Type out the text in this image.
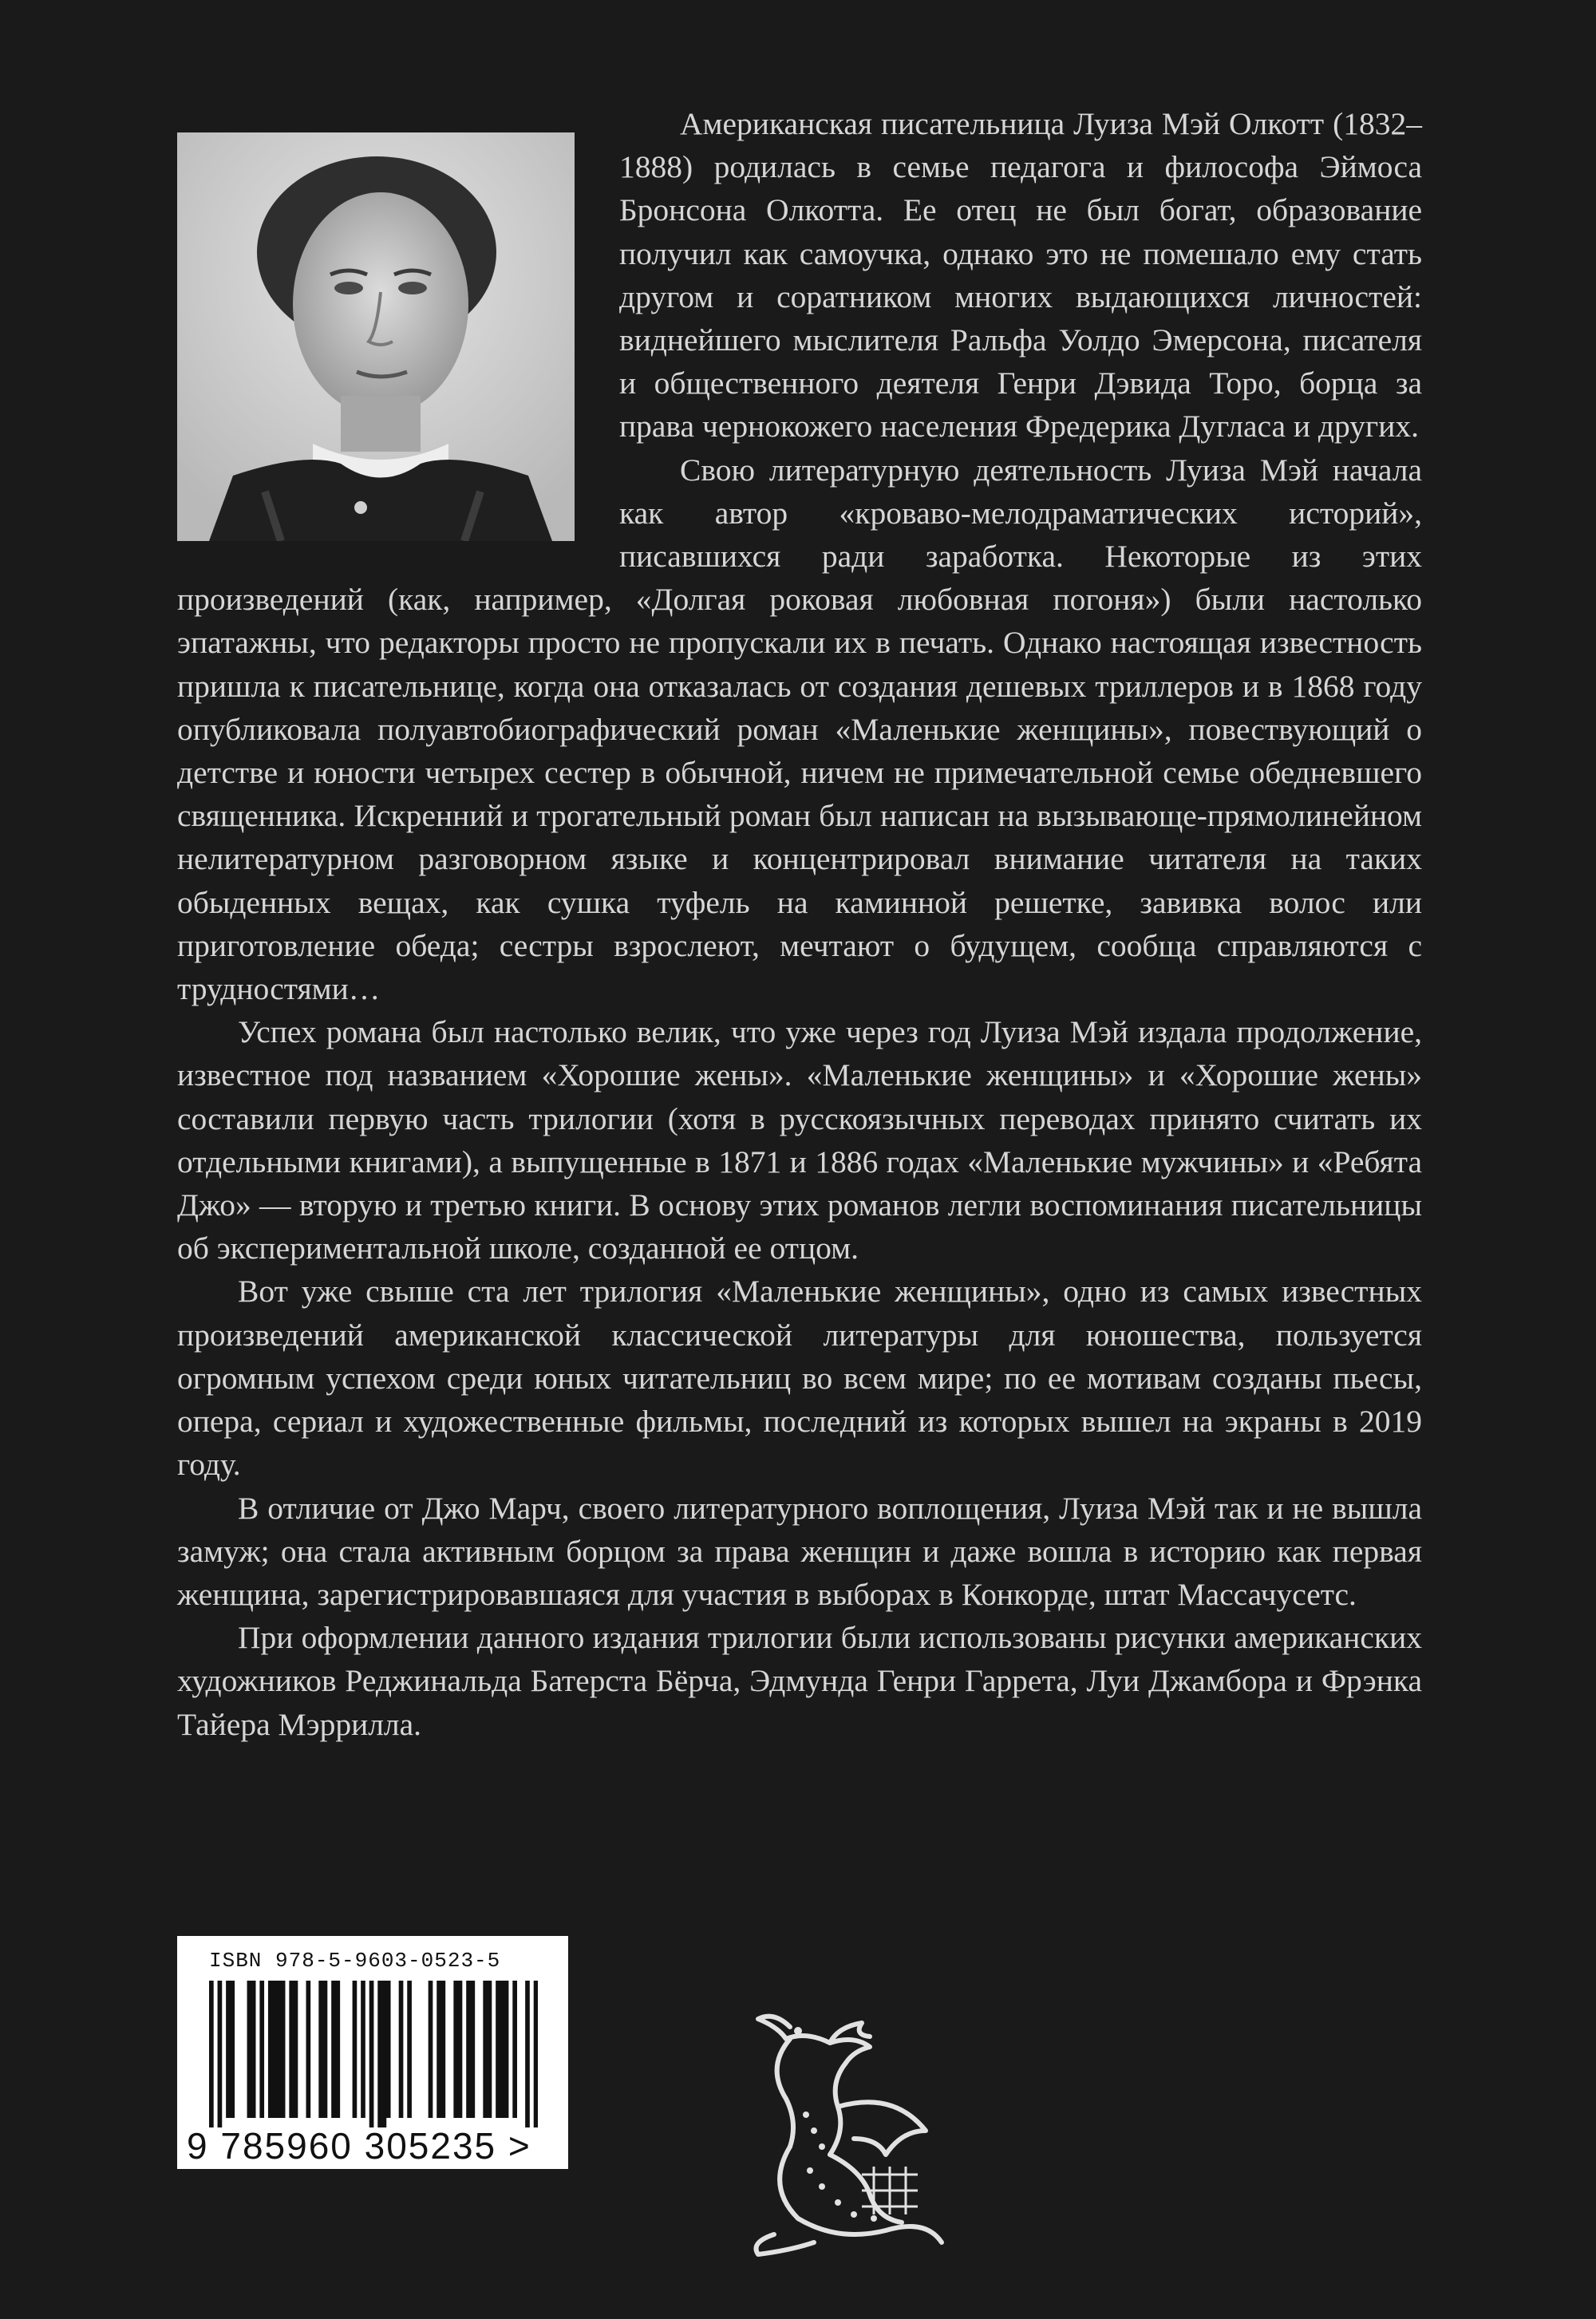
Американская писательница Луиза Мэй Олкотт (1832–1888) родилась в семье педагога и философа Эймоса Бронсона Олкотта. Ее отец не был богат, образование получил как самоучка, однако это не помешало ему стать другом и соратником многих выдающихся личностей: виднейшего мыслителя Ральфа Уолдо Эмерсона, писателя и общественного деятеля Генри Дэвида Торо, борца за права чернокожего населения Фредерика Дугласа и других.

Свою литературную деятельность Луиза Мэй начала как автор «кроваво-мелодраматических историй», писавшихся ради заработка. Некоторые из этих произведений (как, например, «Долгая роковая любовная погоня») были настолько эпатажны, что редакторы просто не пропускали их в печать. Однако настоящая известность пришла к писательнице, когда она отказалась от создания дешевых триллеров и в 1868 году опубликовала полуавтобиографический роман «Маленькие женщины», повествующий о детстве и юности четырех сестер в обычной, ничем не примечательной семье обедневшего священника. Искренний и трогательный роман был написан на вызывающе-прямолинейном нелитературном разговорном языке и концентрировал внимание читателя на таких обыденных вещах, как сушка туфель на каминной решетке, завивка волос или приготовление обеда; сестры взрослеют, мечтают о будущем, сообща справляются с трудностями…

Успех романа был настолько велик, что уже через год Луиза Мэй издала продолжение, известное под названием «Хорошие жены». «Маленькие женщины» и «Хорошие жены» составили первую часть трилогии (хотя в русскоязычных переводах принято считать их отдельными книгами), а выпущенные в 1871 и 1886 годах «Маленькие мужчины» и «Ребята Джо» — вторую и третью книги. В основу этих романов легли воспоминания писательницы об экспериментальной школе, созданной ее отцом.

Вот уже свыше ста лет трилогия «Маленькие женщины», одно из самых известных произведений американской классической литературы для юношества, пользуется огромным успехом среди юных читательниц во всем мире; по ее мотивам созданы пьесы, опера, сериал и художественные фильмы, последний из которых вышел на экраны в 2019 году.

В отличие от Джо Марч, своего литературного воплощения, Луиза Мэй так и не вышла замуж; она стала активным борцом за права женщин и даже вошла в историю как первая женщина, зарегистрировавшаяся для участия в выборах в Конкорде, штат Массачусетс.

При оформлении данного издания трилогии были использованы рисунки американских художников Реджинальда Батерста Бёрча, Эдмунда Генри Гаррета, Луи Джамбора и Фрэнка Тайера Мэррилла.

ISBN 978-5-9603-0523-5
9 785960 305235 >
